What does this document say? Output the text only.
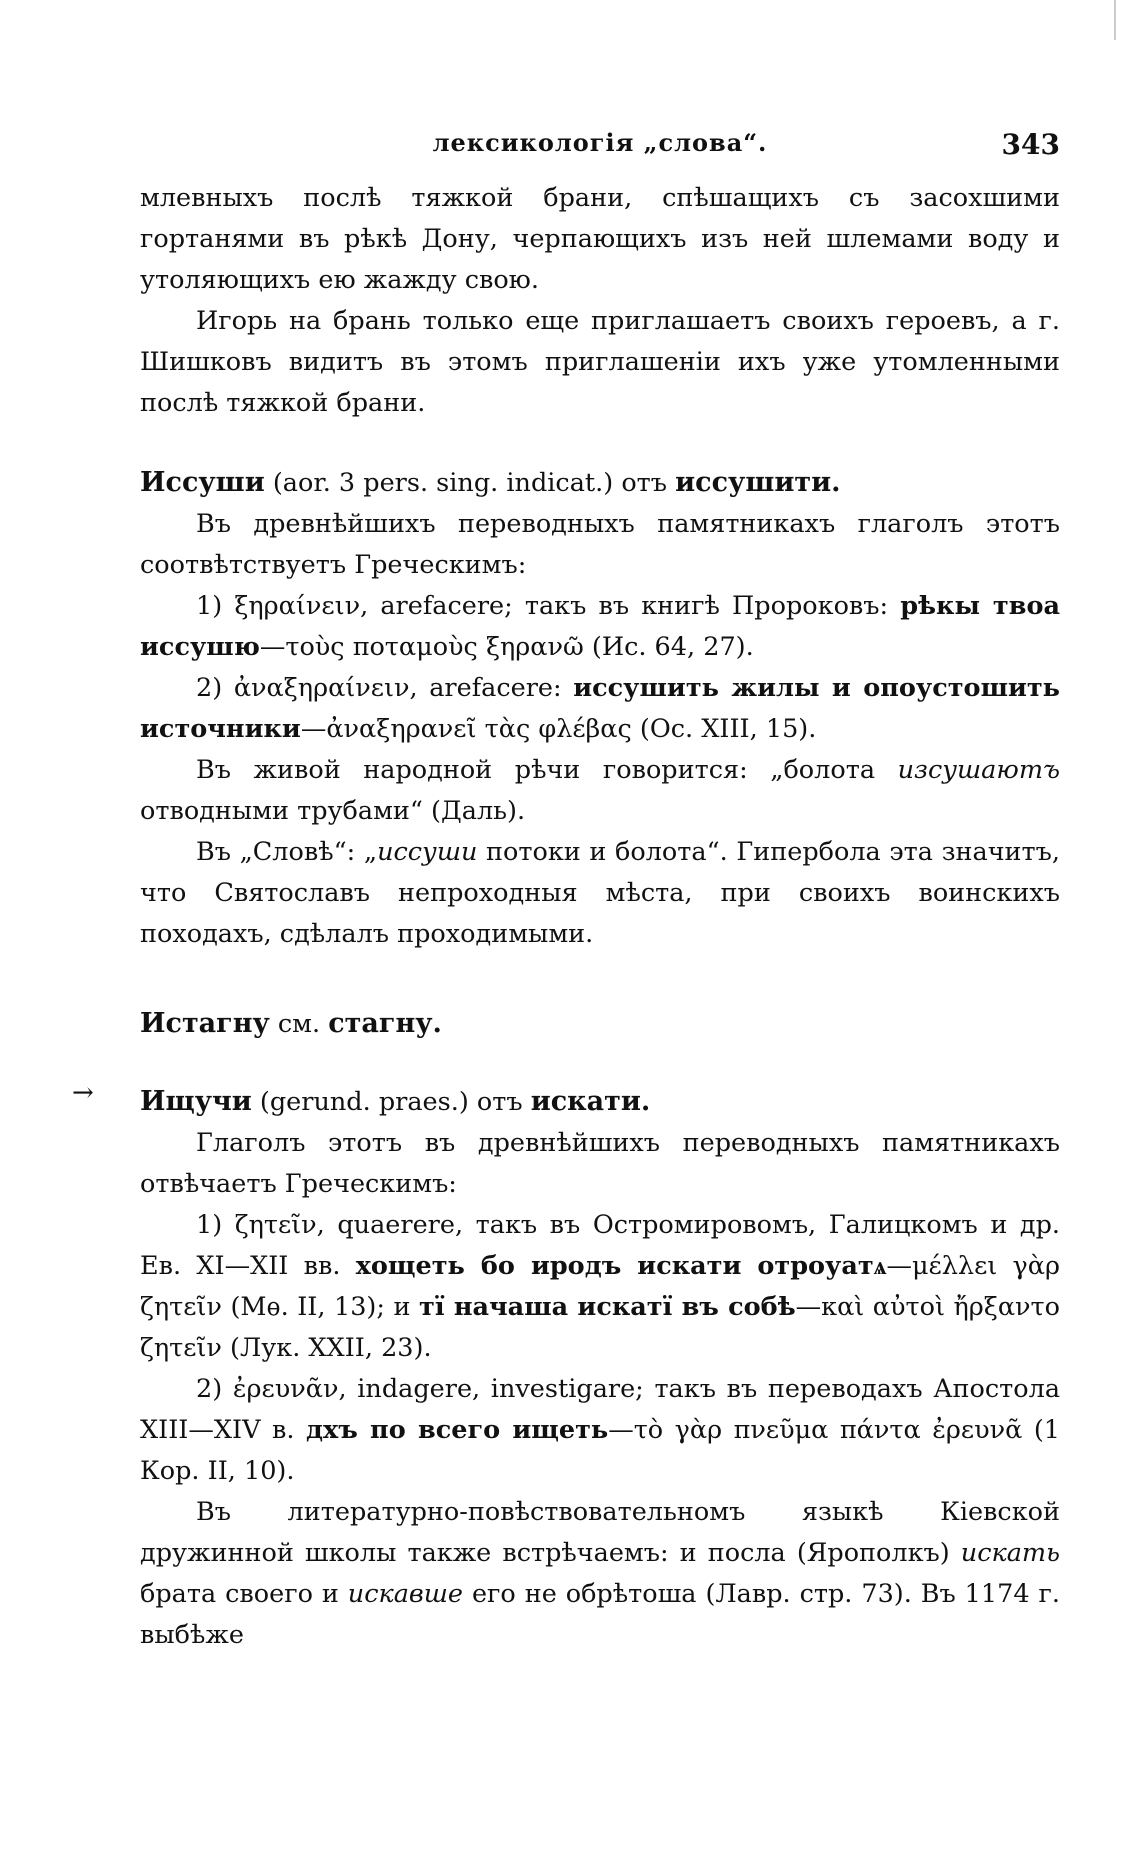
лексикологія „слова“.	343
→

млевныхъ послѣ тяжкой брани, спѣшащихъ съ засохшими гортанями въ рѣкѣ Дону, черпающихъ изъ ней шлемами воду и утоляющихъ ею жажду свою.

Игорь на брань только еще приглашаетъ своихъ героевъ, а г. Шишковъ видитъ въ этомъ приглашеніи ихъ уже утомленными послѣ тяжкой брани.

Иссуши (aor. 3 pers. sing. indicat.) отъ иссушити.

Въ древнѣйшихъ переводныхъ памятникахъ глаголъ этотъ соотвѣтствуетъ Греческимъ:

1) ξηραίνειν, arefacere; такъ въ книгѣ Пророковъ: рѣкы твоа иссушю—τοὺς ποταμοὺς ξηρανῶ (Ис. 64, 27).

2) ἀναξηραίνειν, arefacere: иссушить жилы и опоустошить источники—ἀναξηρανεῖ τὰς φλέβας (Ос. XIII, 15).

Въ живой народной рѣчи говорится: „болота изсушаютъ отводными трубами“ (Даль).

Въ „Словѣ“: „иссуши потоки и болота“. Гипербола эта значитъ, что Святославъ непроходныя мѣста, при своихъ воинскихъ походахъ, сдѣлалъ проходимыми.

Истагну см. стагну.

Ищучи (gerund. praes.) отъ искати.

Глаголъ этотъ въ древнѣйшихъ переводныхъ памятникахъ отвѣчаетъ Греческимъ:

1) ζητεῖν, quaerere, такъ въ Остромировомъ, Галицкомъ и др. Ев. XI—XII вв. хощеть бо иродъ искати отроуатѧ—μέλλει γὰρ ζητεῖν (Мѳ. II, 13); и тї начаша искатї въ собѣ—καὶ αὐτοὶ ἤρξαντο ζητεῖν (Лук. XXII, 23).

2) ἐρευνᾶν, indagere, investigare; такъ въ переводахъ Апостола XIII—XIV в. дхъ по всего ищеть—τὸ γὰρ πνεῦμα πάντα ἐρευνᾶ (1 Кор. II, 10).

Въ литературно-повѣствовательномъ языкѣ Кіевской дружинной школы также встрѣчаемъ: и посла (Ярополкъ) искать брата своего и искавше его не обрѣтоша (Лавр. стр. 73). Въ 1174 г. выбѣже
